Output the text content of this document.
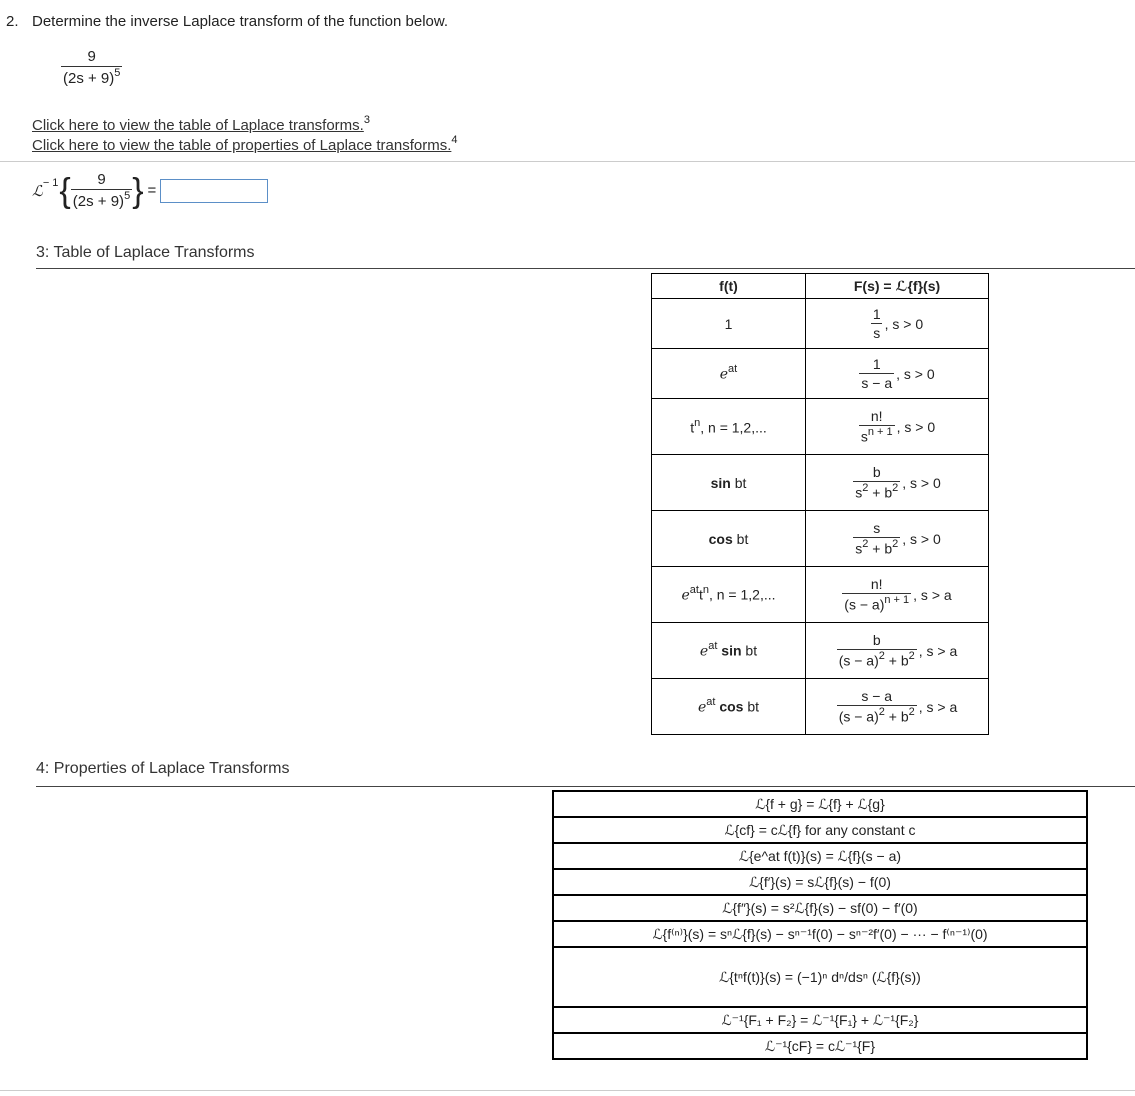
2. Determine the inverse Laplace transform of the function below.
$\frac{9}{(2s + 9)^5}$
Click here to view the table of Laplace transforms.$^3$
Click here to view the table of properties of Laplace transforms.$^4$
ℒ$^{- 1}$ { $\frac{9}{(2s + 9)^5}$ } =
3: Table of Laplace Transforms
f(t)	F(s) = ℒ{f}(s)
1	$\frac{1}{s}$ , s > 0

$e^{at}$	$\frac{1}{s - a}$ , s > 0

$t^n$, n = 1,2,...	$\frac{n!}{s^{n + 1}}$ , s > 0

sin bt	$\frac{b}{s^2 + b^2}$ , s > 0

cos bt	$\frac{s}{s^2 + b^2}$ , s > 0

$e^{at}t^n$, n = 1,2,...	$\frac{n!}{(s - a)^{n + 1}}$ , s > a

$e^{at}$ sin bt	$\frac{b}{(s - a)^2 + b^2}$ , s > a

$e^{at}$ cos bt	$\frac{s - a}{(s - a)^2 + b^2}$ , s > a
4: Properties of Laplace Transforms
ℒ{f + g} = ℒ{f} + ℒ{g}
ℒ{cf} = cℒ{f} for any constant c
ℒ{e^at f(t)}(s) = ℒ{f}(s − a)
ℒ{f′}(s) = sℒ{f}(s) − f(0)
ℒ{f″}(s) = s²ℒ{f}(s) − sf(0) − f′(0)
ℒ{f⁽ⁿ⁾}(s) = sⁿℒ{f}(s) − sⁿ⁻¹f(0) − sⁿ⁻²f′(0) − ··· − f⁽ⁿ⁻¹⁾(0)
ℒ{tⁿf(t)}(s) = (−1)ⁿ dⁿ/dsⁿ (ℒ{f}(s))
ℒ⁻¹{F₁ + F₂} = ℒ⁻¹{F₁} + ℒ⁻¹{F₂}
ℒ⁻¹{cF} = cℒ⁻¹{F}
